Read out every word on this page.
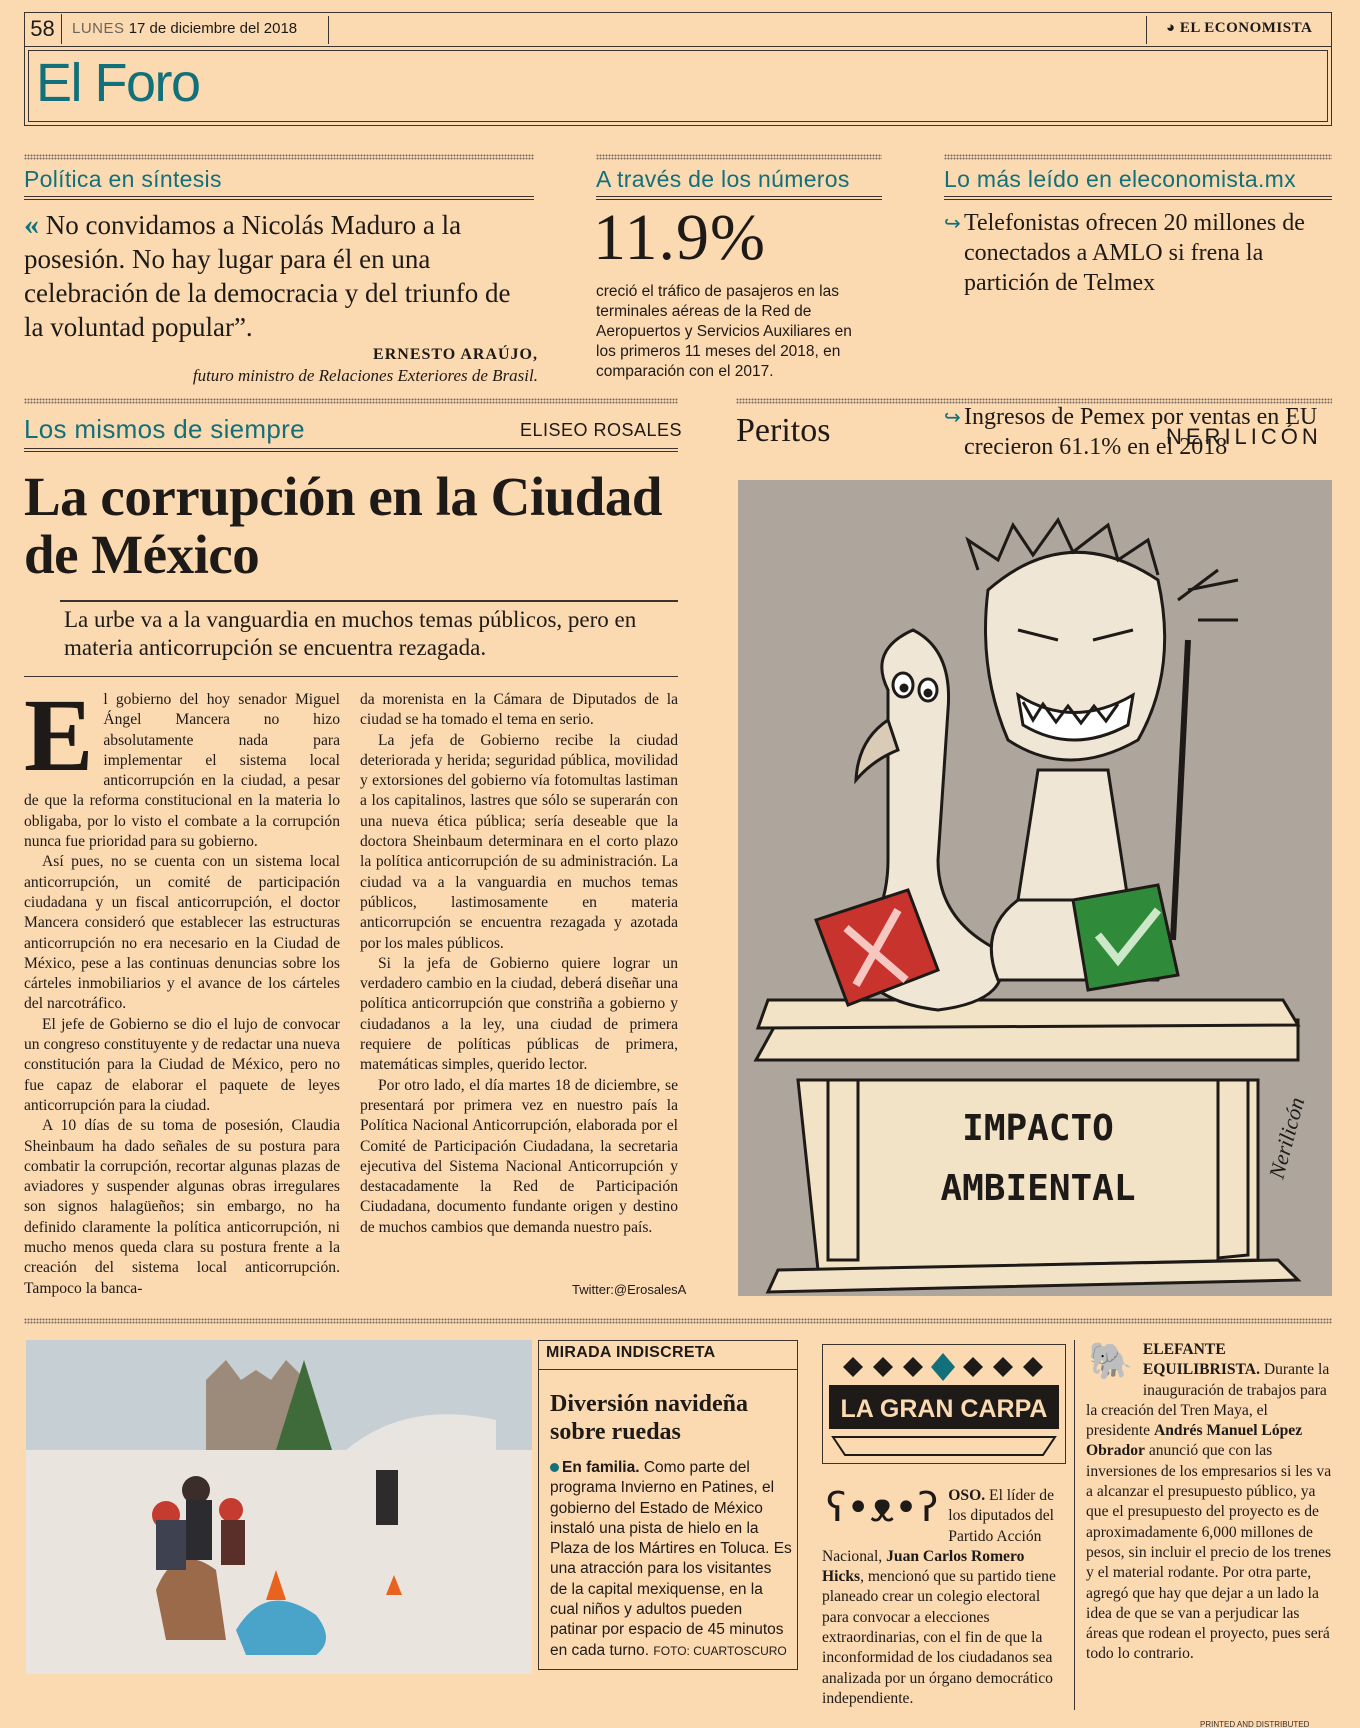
58	LUNES 17 de diciembre del 2018	◕ EL ECONOMISTA
El Foro
Política en síntesis	A través de los números	Lo más leído en eleconomista.mx
« No convidamos a Nicolás Maduro a la posesión. No hay lugar para él en una celebración de la democracia y del triunfo de la voluntad popular”.
ERNESTO ARAÚJO,
futuro ministro de Relaciones Exteriores de Brasil.
11.9%
creció el tráfico de pasajeros en las terminales aéreas de la Red de Aeropuertos y Servicios Auxiliares en los primeros 11 meses del 2018, en comparación con el 2017.
↪ Telefonistas ofrecen 20 millones de conectados a AMLO si frena la partición de Telmex
↪ Ingresos de Pemex por ventas en EU crecieron 61.1% en el 2018
Los mismos de siempre	ELISEO ROSALES
La corrupción en la Ciudad de México
La urbe va a la vanguardia en muchos temas públicos, pero en materia anticorrupción se encuentra rezagada.
E l gobierno del hoy senador Miguel Ángel Mancera no hizo absolutamente nada para implementar el sistema local anticorrupción en la ciudad, a pesar de que la reforma constitucional en la materia lo obligaba, por lo visto el combate a la corrupción nunca fue prioridad para su gobierno.

Así pues, no se cuenta con un sistema local anticorrupción, un comité de participación ciudadana y un fiscal anticorrupción, el doctor Mancera consideró que establecer las estructuras anticorrupción no era necesario en la Ciudad de México, pese a las continuas denuncias sobre los cárteles inmobiliarios y el avance de los cárteles del narcotráfico.

El jefe de Gobierno se dio el lujo de convocar un congreso constituyente y de redactar una nueva constitución para la Ciudad de México, pero no fue capaz de elaborar el paquete de leyes anticorrupción para la ciudad.

A 10 días de su toma de posesión, Claudia Sheinbaum ha dado señales de su postura para combatir la corrupción, recortar algunas plazas de aviadores y suspender algunas obras irregulares son signos halagüeños; sin embargo, no ha definido claramente la política anticorrupción, ni mucho menos queda clara su postura frente a la creación del sistema local anticorrupción. Tampoco la banca-

da morenista en la Cámara de Diputados de la ciudad se ha tomado el tema en serio.

La jefa de Gobierno recibe la ciudad deteriorada y herida; seguridad pública, movilidad y extorsiones del gobierno vía fotomultas lastiman a los capitalinos, lastres que sólo se superarán con una nueva ética pública; sería deseable que la doctora Sheinbaum determinara en el corto plazo la política anticorrupción de su administración. La ciudad va a la vanguardia en muchos temas públicos, lastimosamente en materia anticorrupción se encuentra rezagada y azotada por los males públicos.

Si la jefa de Gobierno quiere lograr un verdadero cambio en la ciudad, deberá diseñar una política anticorrupción que constriña a gobierno y ciudadanos a la ley, una ciudad de primera requiere de políticas públicas de primera, matemáticas simples, querido lector.

Por otro lado, el día martes 18 de diciembre, se presentará por primera vez en nuestro país la Política Nacional Anticorrupción, elaborada por el Comité de Participación Ciudadana, la secretaria ejecutiva del Sistema Nacional Anticorrupción y destacadamente la Red de Participación Ciudadana, documento fundante origen y destino de muchos cambios que demanda nuestro país.

Twitter:@ErosalesA
Peritos	NERILICÓN
IMPACTO
AMBIENTAL
Nerilicón
MIRADA INDISCRETA
Diversión navideña sobre ruedas
En familia. Como parte del programa Invierno en Patines, el gobierno del Estado de México instaló una pista de hielo en la Plaza de los Mártires en Toluca. Es una atracción para los visitantes de la capital mexiquense, en la cual niños y adultos pueden patinar por espacio de 45 minutos en cada turno. FOTO: CUARTOSCURO
LA GRAN CARPA
ʕ•ᴥ•ʔ OSO. El líder de los diputados del Partido Acción Nacional, Juan Carlos Romero Hicks, mencionó que su partido tiene planeado crear un colegio electoral para convocar a elecciones extraordinarias, con el fin de que la inconformidad de los ciudadanos sea analizada por un órgano democrático independiente.
🐘 ELEFANTE EQUILIBRISTA. Durante la inauguración de trabajos para la creación del Tren Maya, el presidente Andrés Manuel López Obrador anunció que con las inversiones de los empresarios si les va a alcanzar el presupuesto público, ya que el presupuesto del proyecto es de aproximadamente 6,000 millones de pesos, sin incluir el precio de los trenes y el material rodante. Por otra parte, agregó que hay que dejar a un lado la idea de que se van a perjudicar las áreas que rodean el proyecto, pues será todo lo contrario.
PRINTED AND DISTRIBUTED
